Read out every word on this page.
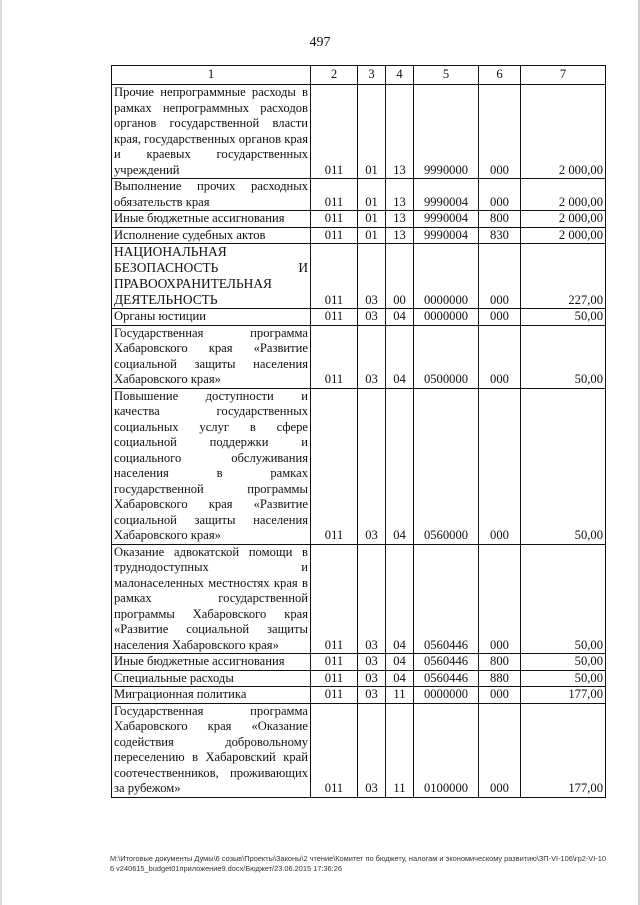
497
1	2	3	4	5	6	7
Прочие непрограммные расходы в рамках непрограммных расходов органов государственной власти края, государственных органов края и краевых государственных учреждений	011	01	13	9990000	000	2 000,00
Выполнение прочих расходных обязательств края	011	01	13	9990004	000	2 000,00
Иные бюджетные ассигнования	011	01	13	9990004	800	2 000,00
Исполнение судебных актов	011	01	13	9990004	830	2 000,00
НАЦИОНАЛЬНАЯ БЕЗОПАСНОСТЬ И ПРАВООХРАНИТЕЛЬНАЯ ДЕЯТЕЛЬНОСТЬ	011	03	00	0000000	000	227,00
Органы юстиции	011	03	04	0000000	000	50,00
Государственная программа Хабаровского края «Развитие социальной защиты населения Хабаровского края»	011	03	04	0500000	000	50,00
Повышение доступности и качества государственных социальных услуг в сфере социальной поддержки и социального обслуживания населения в рамках государственной программы Хабаровского края «Развитие социальной защиты населения Хабаровского края»	011	03	04	0560000	000	50,00
Оказание адвокатской помощи в труднодоступных и малонаселенных местностях края в рамках государственной программы Хабаровского края «Развитие социальной защиты населения Хабаровского края»	011	03	04	0560446	000	50,00
Иные бюджетные ассигнования	011	03	04	0560446	800	50,00
Специальные расходы	011	03	04	0560446	880	50,00
Миграционная политика	011	03	11	0000000	000	177,00
Государственная программа Хабаровского края «Оказание содействия добровольному переселению в Хабаровский край соотечественников, проживающих за рубежом»	011	03	11	0100000	000	177,00
M:\Итоговые документы Думы\6 созыв\Проекты\Законы\2 чтение\Комитет по бюджету, налогам и экономическому развитию\ЗП-VI-106\гр2-VI-106 v240615_budget01приложение9.docx/Бюджет/23.06.2015 17:36:26
